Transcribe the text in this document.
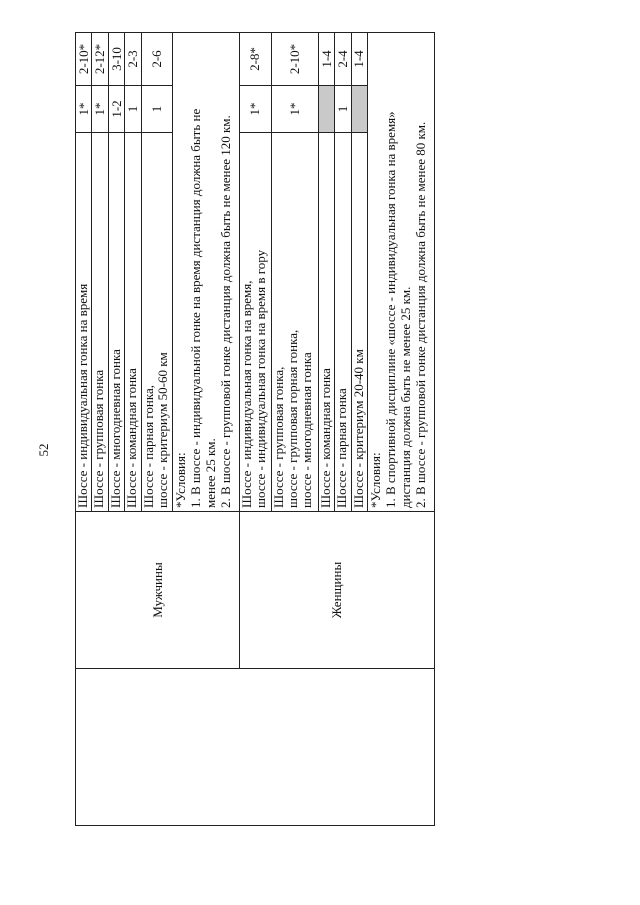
52
	Мужчины	Шоссе - индивидуальная гонка на время	1*	2-10*
		Шоссе - групповая гонка	1*	2-12*
		Шоссе - многодневная гонка	1-2	3-10
		Шоссе - командная гонка	1	2-3
		Шоссе - парная гонка,
шоссе - критериум 50-60 км	1	2-6
		*Условия:
1. В шоссе - индивидуальной гонке на время дистанция должна быть не
менее 25 км.
2. В шоссе - групповой гонке дистанция должна быть не менее 120 км.		
	Женщины	Шоссе - индивидуальная гонка на время,
шоссе - индивидуальная гонка на время в гору	1*	2-8*
		Шоссе - групповая гонка,
шоссе - групповая горная гонка,
шоссе - многодневная гонка	1*	2-10*
		Шоссе - командная гонка		1-4
		Шоссе - парная гонка	1	2-4
		Шоссе - критериум 20-40 км		1-4
		*Условия:
1. В спортивной дисциплине «шоссе - индивидуальная гонка на время»
дистанция должна быть не менее 25 км.
2. В шоссе - групповой гонке дистанция должна быть не менее 80 км.		
